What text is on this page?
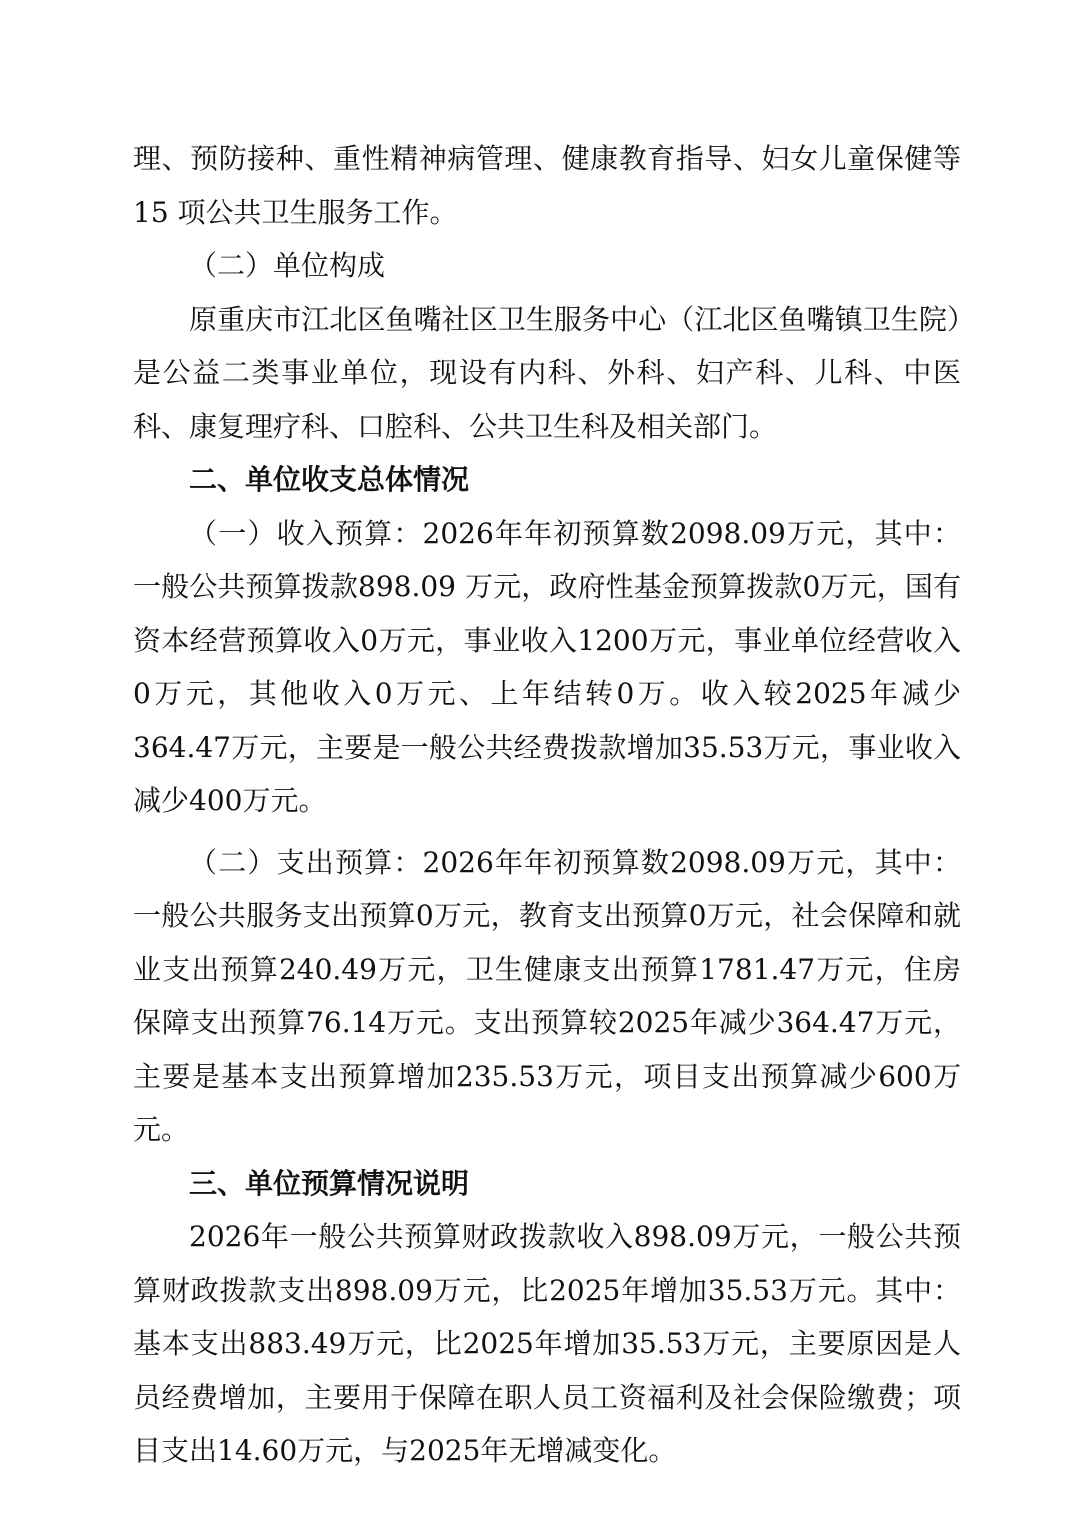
理、预防接种、重性精神病管理、健康教育指导、妇女儿童保健等 15 项公共卫生服务工作。

（二）单位构成

原重庆市江北区鱼嘴社区卫生服务中心（江北区鱼嘴镇卫生院）是公益二类事业单位，现设有内科、外科、妇产科、儿科、中医科、康复理疗科、口腔科、公共卫生科及相关部门。

二、单位收支总体情况

（一）收入预算：2026年年初预算数2098.09万元，其中：一般公共预算拨款898.09 万元，政府性基金预算拨款0万元，国有资本经营预算收入0万元，事业收入1200万元，事业单位经营收入0万元，其他收入0万元、上年结转0万。收入较2025年减少364.47万元，主要是一般公共经费拨款增加35.53万元，事业收入减少400万元。

（二）支出预算：2026年年初预算数2098.09万元，其中：一般公共服务支出预算0万元，教育支出预算0万元，社会保障和就业支出预算240.49万元，卫生健康支出预算1781.47万元，住房保障支出预算76.14万元。支出预算较2025年减少364.47万元，主要是基本支出预算增加235.53万元，项目支出预算减少600万元。

三、单位预算情况说明

2026年一般公共预算财政拨款收入898.09万元，一般公共预算财政拨款支出898.09万元，比2025年增加35.53万元。其中：基本支出883.49万元，比2025年增加35.53万元，主要原因是人员经费增加，主要用于保障在职人员工资福利及社会保险缴费；项目支出14.60万元，与2025年无增减变化。
